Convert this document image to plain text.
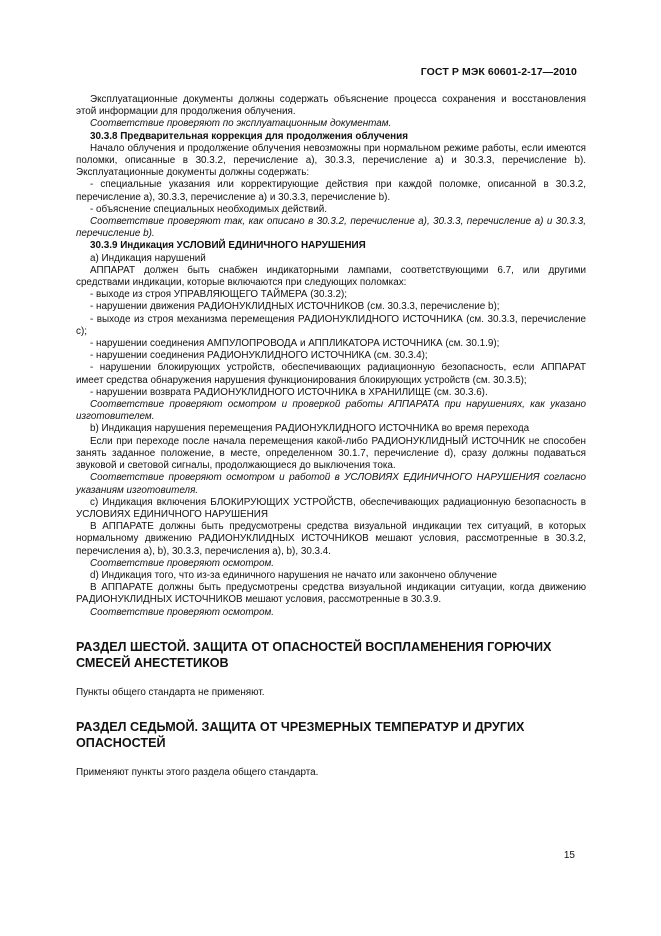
ГОСТ Р МЭК 60601-2-17—2010

Эксплуатационные документы должны содержать объяснение процесса сохранения и восстановления этой информации для продолжения облучения.

Соответствие проверяют по эксплуатационным документам.

30.3.8 Предварительная коррекция для продолжения облучения

Начало облучения и продолжение облучения невозможны при нормальном режиме работы, если имеются поломки, описанные в 30.3.2, перечисление а), 30.3.3, перечисление а) и 30.3.3, перечисление b). Эксплуатационные документы должны содержать:

- специальные указания или корректирующие действия при каждой поломке, описанной в 30.3.2, перечисление а), 30.3.3, перечисление а) и 30.3.3, перечисление b).

- объяснение специальных необходимых действий.

Соответствие проверяют так, как описано в 30.3.2, перечисление а), 30.3.3, перечисление а) и 30.3.3, перечисление b).

30.3.9 Индикация УСЛОВИЙ ЕДИНИЧНОГО НАРУШЕНИЯ

а) Индикация нарушений

АППАРАТ должен быть снабжен индикаторными лампами, соответствующими 6.7, или другими средствами индикации, которые включаются при следующих поломках:

- выходе из строя УПРАВЛЯЮЩЕГО ТАЙМЕРА (30.3.2);

- нарушении движения РАДИОНУКЛИДНЫХ ИСТОЧНИКОВ (см. 30.3.3, перечисление b);

- выходе из строя механизма перемещения РАДИОНУКЛИДНОГО ИСТОЧНИКА (см. 30.3.3, перечисление с);

- нарушении соединения АМПУЛОПРОВОДА и АППЛИКАТОРА ИСТОЧНИКА (см. 30.1.9);

- нарушении соединения РАДИОНУКЛИДНОГО ИСТОЧНИКА (см. 30.3.4);

- нарушении блокирующих устройств, обеспечивающих радиационную безопасность, если АППАРАТ имеет средства обнаружения нарушения функционирования блокирующих устройств (см. 30.3.5);

- нарушении возврата РАДИОНУКЛИДНОГО ИСТОЧНИКА в ХРАНИЛИЩЕ (см. 30.3.6).

Соответствие проверяют осмотром и проверкой работы АППАРАТА при нарушениях, как указано изготовителем.

b) Индикация нарушения перемещения РАДИОНУКЛИДНОГО ИСТОЧНИКА во время перехода

Если при переходе после начала перемещения какой-либо РАДИОНУКЛИДНЫЙ ИСТОЧНИК не способен занять заданное положение, в месте, определенном 30.1.7, перечисление d), сразу должны подаваться звуковой и световой сигналы, продолжающиеся до выключения тока.

Соответствие проверяют осмотром и работой в УСЛОВИЯХ ЕДИНИЧНОГО НАРУШЕНИЯ согласно указаниям изготовителя.

с) Индикация включения БЛОКИРУЮЩИХ УСТРОЙСТВ, обеспечивающих радиационную безопасность в УСЛОВИЯХ ЕДИНИЧНОГО НАРУШЕНИЯ

В АППАРАТЕ должны быть предусмотрены средства визуальной индикации тех ситуаций, в которых нормальному движению РАДИОНУКЛИДНЫХ ИСТОЧНИКОВ мешают условия, рассмотренные в 30.3.2, перечисления а), b), 30.3.3, перечисления а), b), 30.3.4.

Соответствие проверяют осмотром.

d) Индикация того, что из-за единичного нарушения не начато или закончено облучение

В АППАРАТЕ должны быть предусмотрены средства визуальной индикации ситуации, когда движению РАДИОНУКЛИДНЫХ ИСТОЧНИКОВ мешают условия, рассмотренные в 30.3.9.

Соответствие проверяют осмотром.

РАЗДЕЛ ШЕСТОЙ. ЗАЩИТА ОТ ОПАСНОСТЕЙ ВОСПЛАМЕНЕНИЯ ГОРЮЧИХ СМЕСЕЙ АНЕСТЕТИКОВ

Пункты общего стандарта не применяют.

РАЗДЕЛ СЕДЬМОЙ. ЗАЩИТА ОТ ЧРЕЗМЕРНЫХ ТЕМПЕРАТУР И ДРУГИХ ОПАСНОСТЕЙ

Применяют пункты этого раздела общего стандарта.

15
